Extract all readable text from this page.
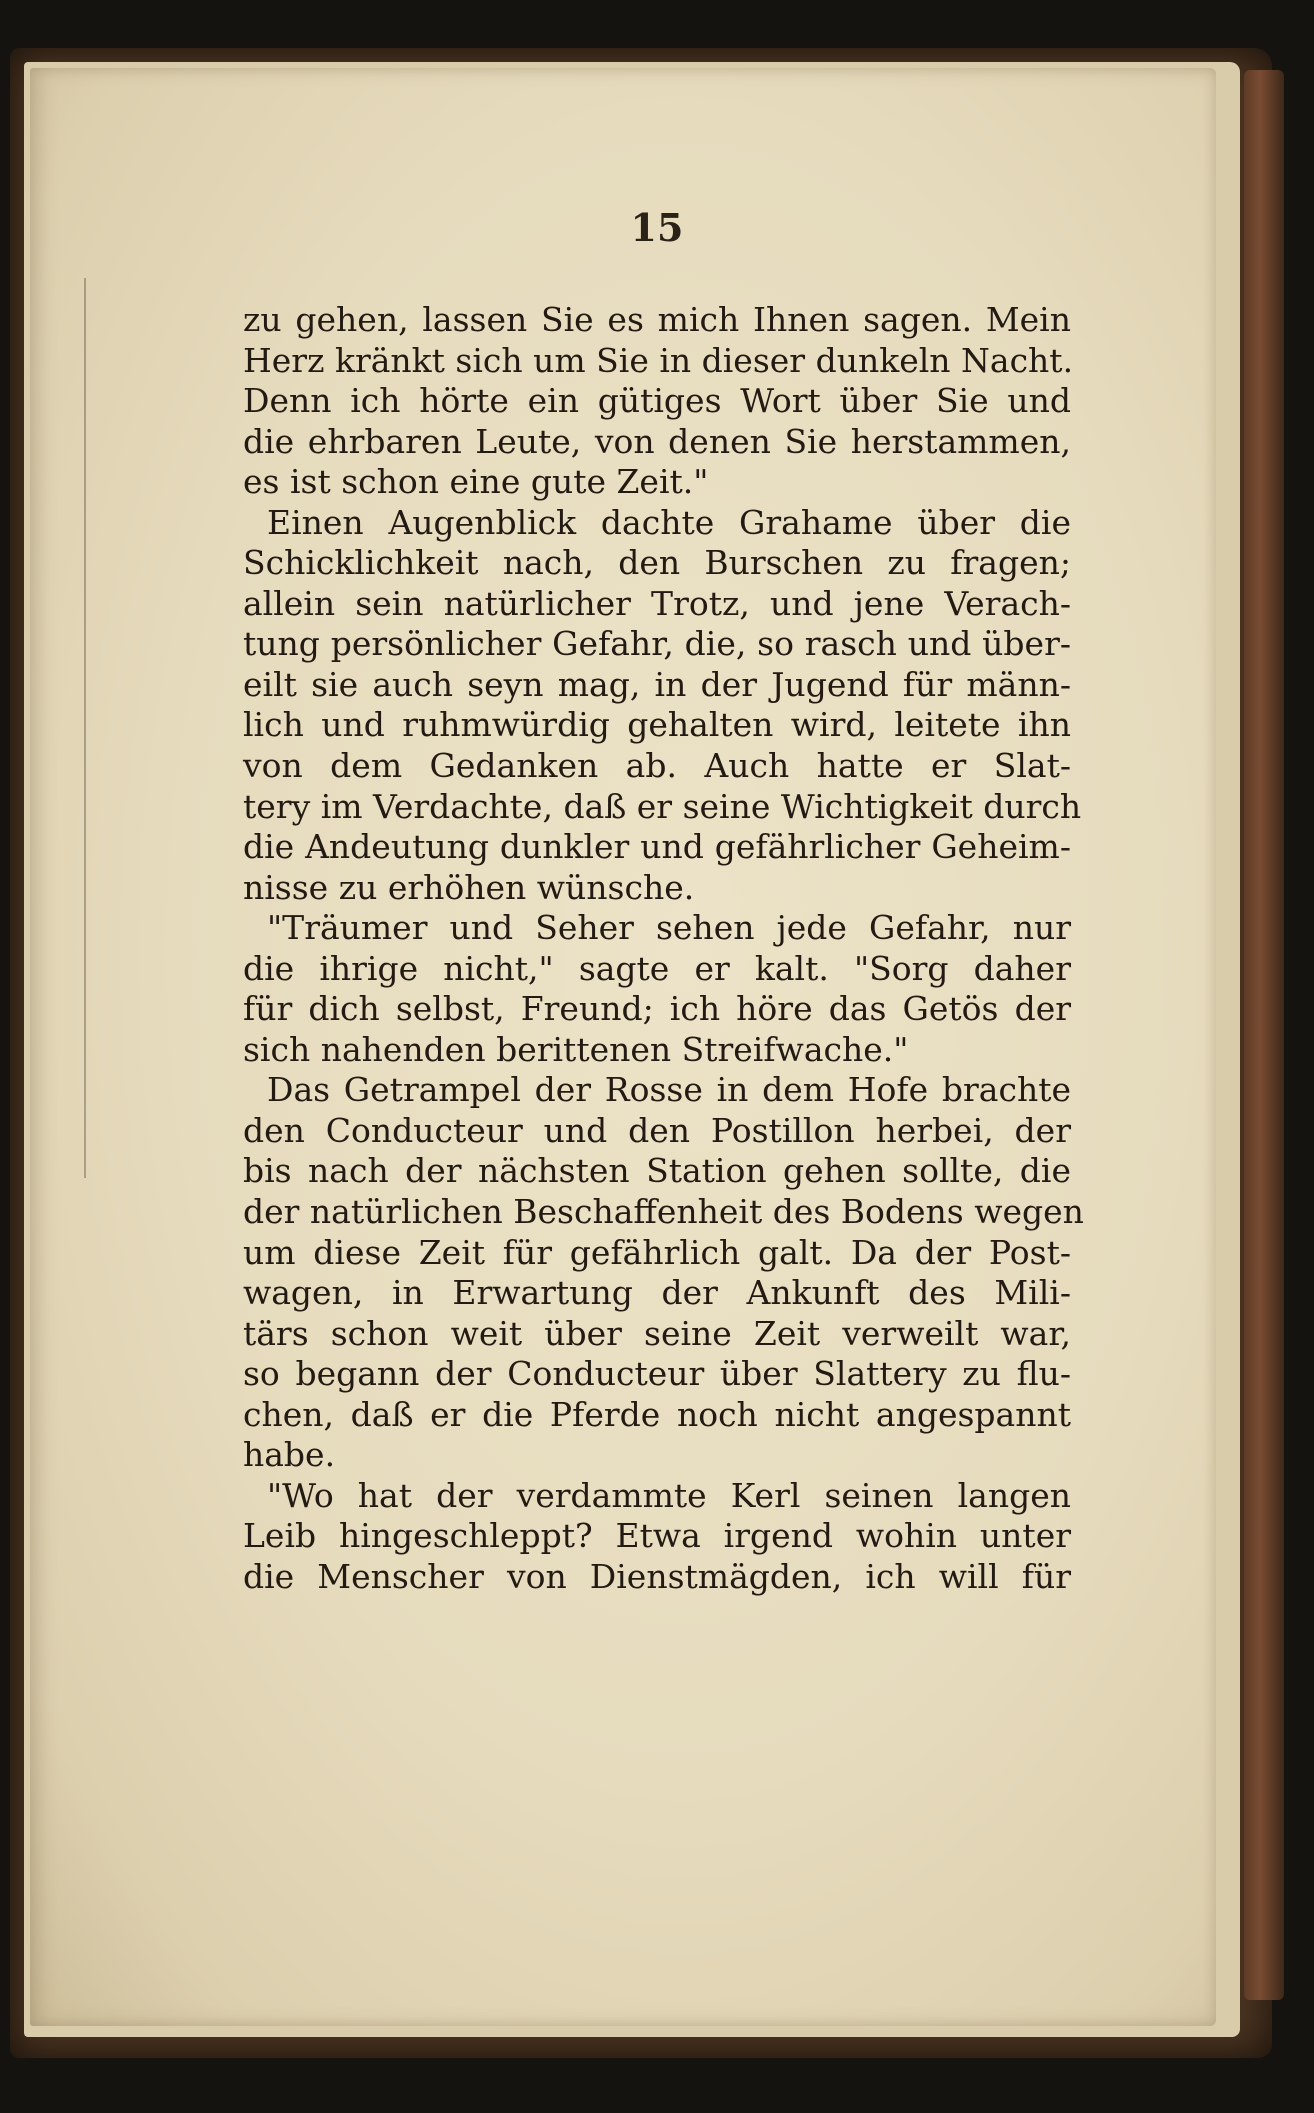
15

zu gehen, lassen Sie es mich Ihnen sagen. Mein
Herz kränkt sich um Sie in dieser dunkeln Nacht.
Denn ich hörte ein gütiges Wort über Sie und
die ehrbaren Leute, von denen Sie herstammen,
es ist schon eine gute Zeit."
Einen Augenblick dachte Grahame über die
Schicklichkeit nach, den Burschen zu fragen;
allein sein natürlicher Trotz, und jene Verach-
tung persönlicher Gefahr, die, so rasch und über-
eilt sie auch seyn mag, in der Jugend für männ-
lich und ruhmwürdig gehalten wird, leitete ihn
von dem Gedanken ab. Auch hatte er Slat-
tery im Verdachte, daß er seine Wichtigkeit durch
die Andeutung dunkler und gefährlicher Geheim-
nisse zu erhöhen wünsche.
"Träumer und Seher sehen jede Gefahr, nur
die ihrige nicht," sagte er kalt. "Sorg daher
für dich selbst, Freund; ich höre das Getös der
sich nahenden berittenen Streifwache."
Das Getrampel der Rosse in dem Hofe brachte
den Conducteur und den Postillon herbei, der
bis nach der nächsten Station gehen sollte, die
der natürlichen Beschaffenheit des Bodens wegen
um diese Zeit für gefährlich galt. Da der Post-
wagen, in Erwartung der Ankunft des Mili-
tärs schon weit über seine Zeit verweilt war,
so begann der Conducteur über Slattery zu flu-
chen, daß er die Pferde noch nicht angespannt
habe.
"Wo hat der verdammte Kerl seinen langen
Leib hingeschleppt? Etwa irgend wohin unter
die Menscher von Dienstmägden, ich will für
